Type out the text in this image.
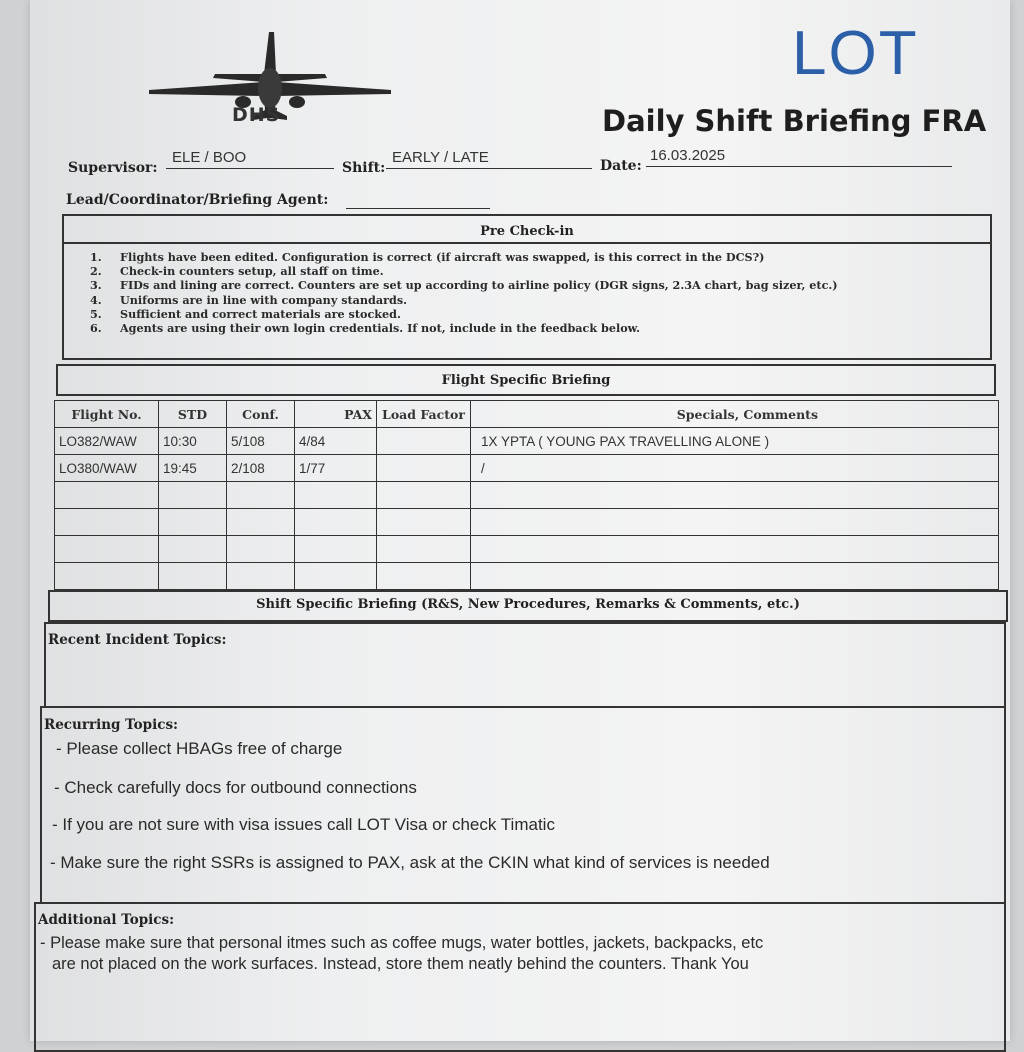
DHS
LOT
Daily Shift Briefing FRA
Supervisor:
ELE / BOO
Shift:
EARLY / LATE	Date:
16.03.2025
Lead/Coordinator/Briefing Agent:
Pre Check-in
1. Flights have been edited. Configuration is correct (if aircraft was swapped, is this correct in the DCS?)
2. Check-in counters setup, all staff on time.
3. FIDs and lining are correct. Counters are set up according to airline policy (DGR signs, 2.3A chart, bag sizer, etc.)
4. Uniforms are in line with company standards.
5. Sufficient and correct materials are stocked.
6. Agents are using their own login credentials. If not, include in the feedback below.
Flight Specific Briefing
Flight No.	STD	Conf.	PAX	Load Factor	Specials, Comments
LO382/WAW	10:30	5/108	4/84		1X YPTA ( YOUNG PAX TRAVELLING ALONE )
LO380/WAW	19:45	2/108	1/77		/

Shift Specific Briefing (R&S, New Procedures, Remarks & Comments, etc.)
Recent Incident Topics:
Recurring Topics:
- Please collect HBAGs free of charge
- Check carefully docs for outbound connections
- If you are not sure with visa issues call LOT Visa or check Timatic
- Make sure the right SSRs is assigned to PAX, ask at the CKIN what kind of services is needed
Additional Topics:
- Please make sure that personal itmes such as coffee mugs, water bottles, jackets, backpacks, etc
are not placed on the work surfaces. Instead, store them neatly behind the counters. Thank You
